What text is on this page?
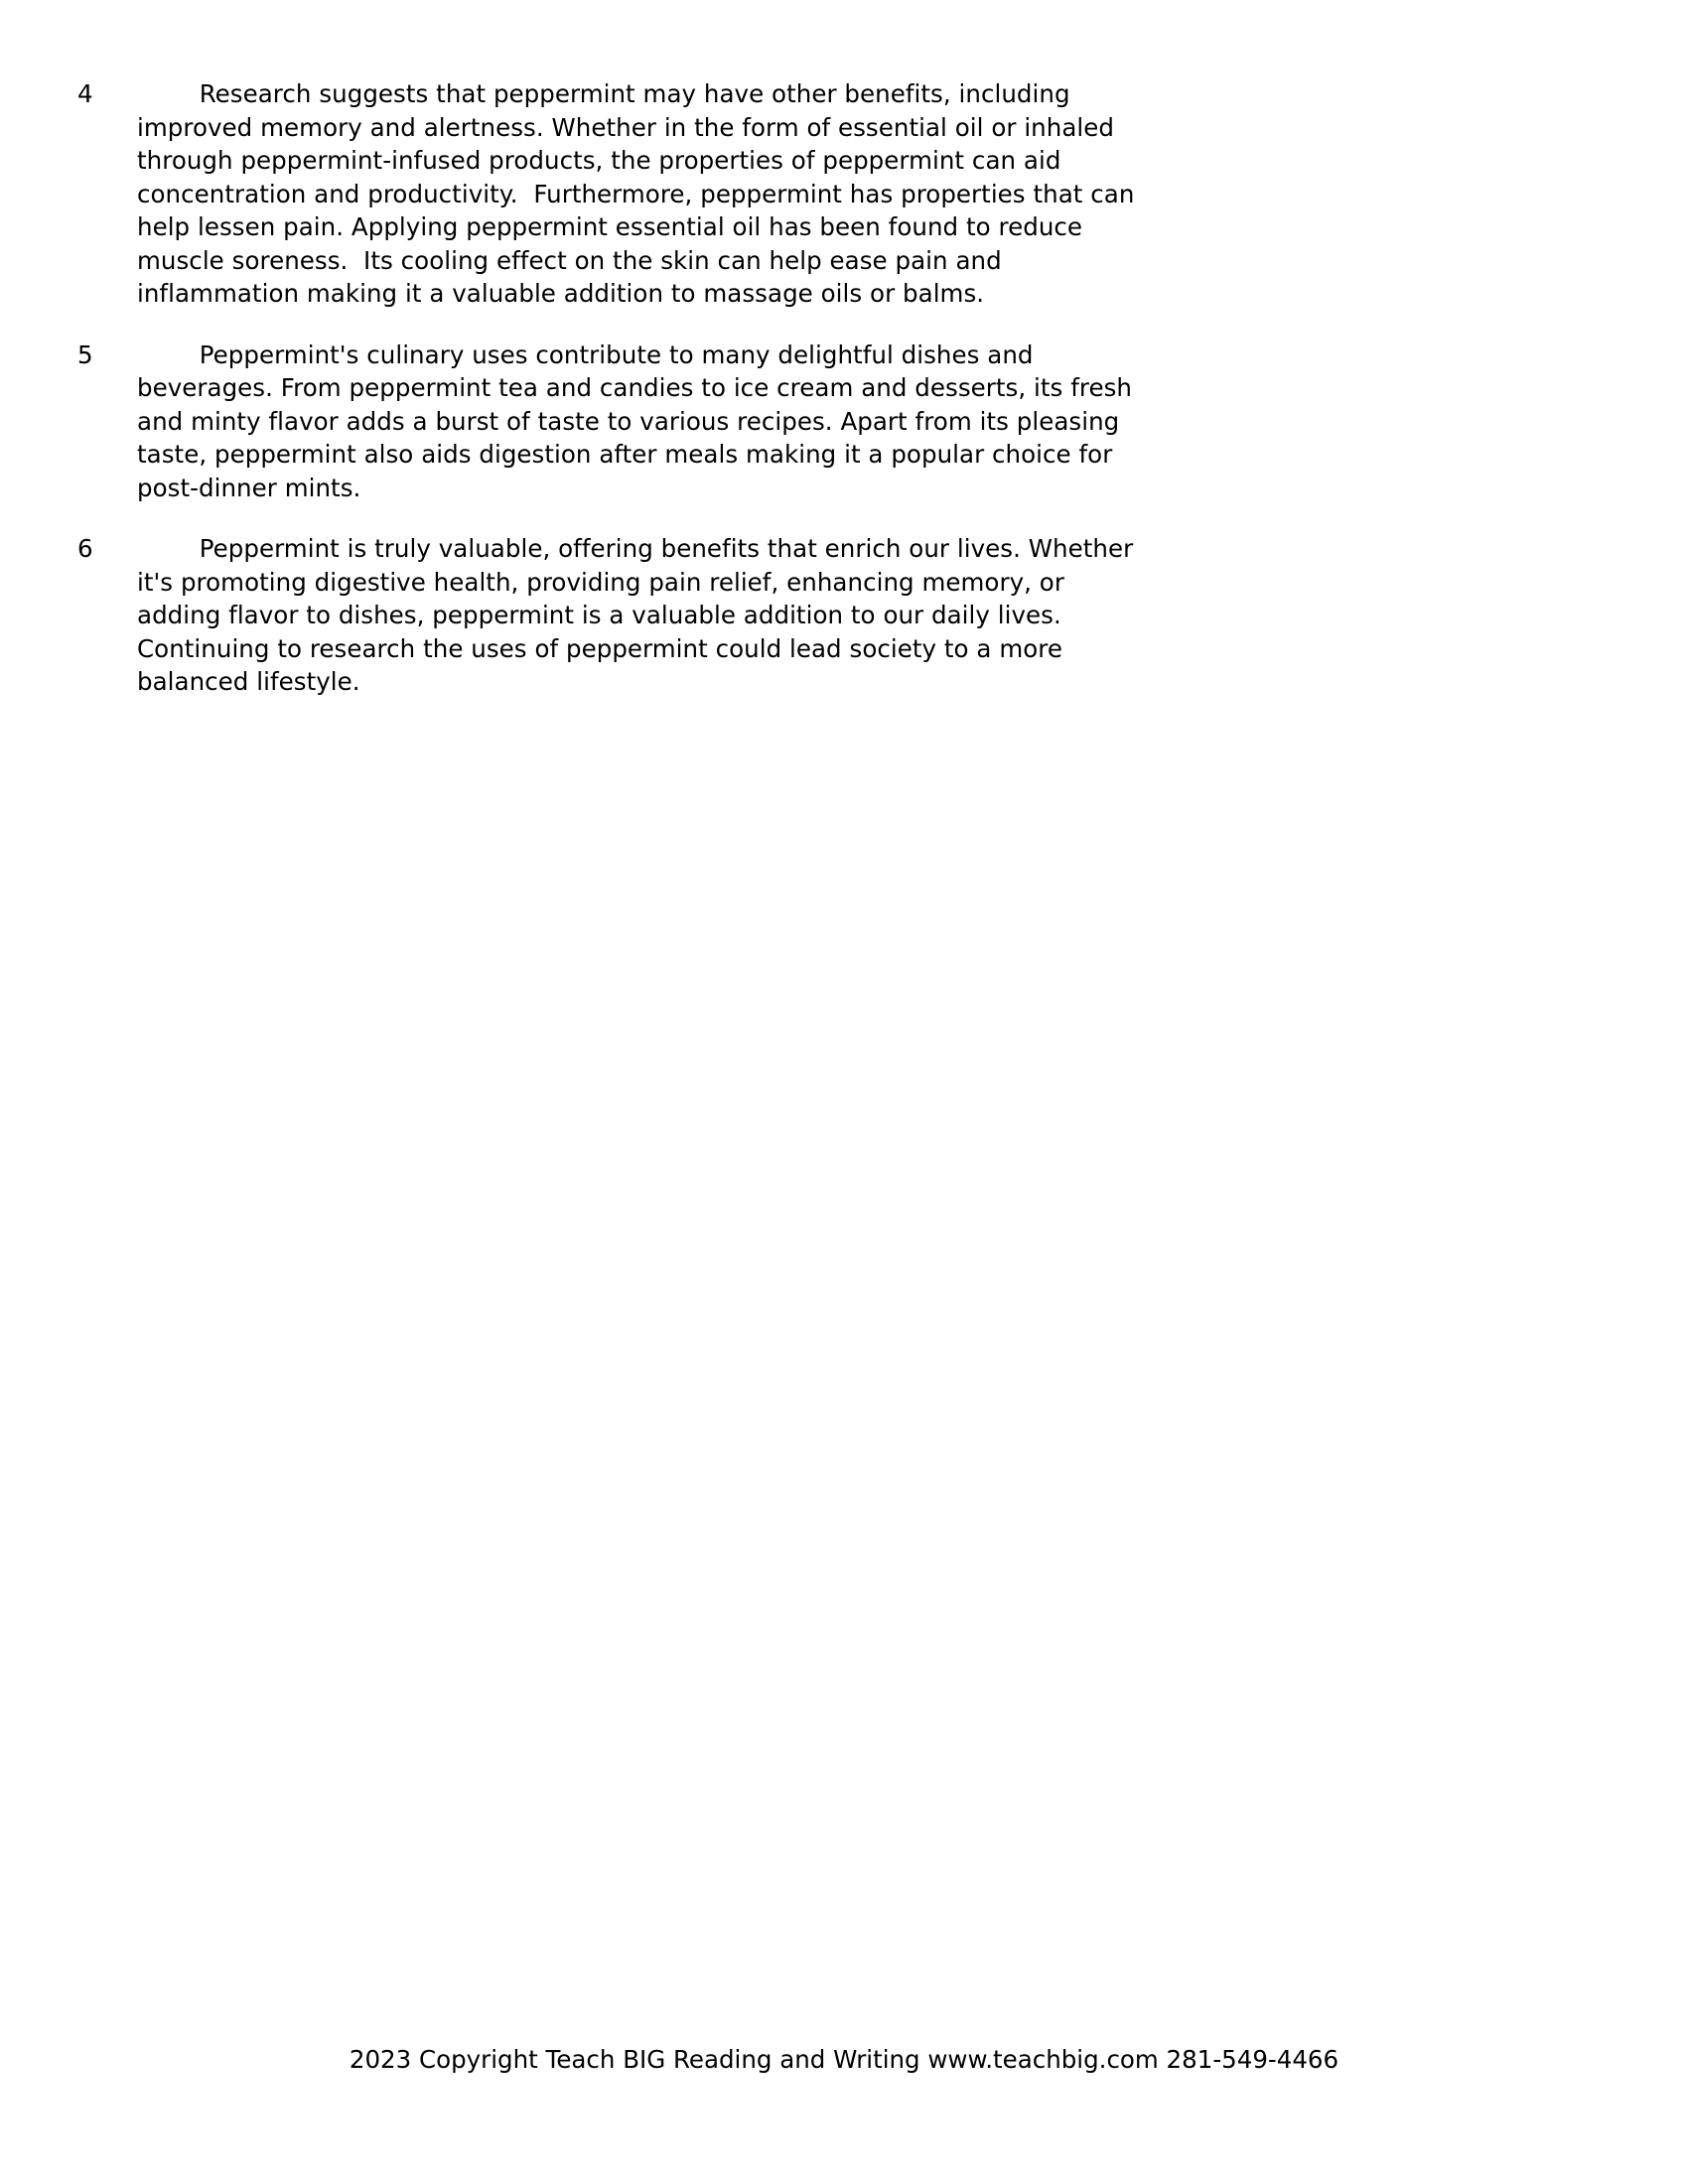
4		Research suggests that peppermint may have other benefits, including improved memory and alertness. Whether in the form of essential oil or inhaled through peppermint-infused products, the properties of peppermint can aid concentration and productivity.  Furthermore, peppermint has properties that can help lessen pain. Applying peppermint essential oil has been found to reduce muscle soreness.  Its cooling effect on the skin can help ease pain and inflammation making it a valuable addition to massage oils or balms.
5		Peppermint's culinary uses contribute to many delightful dishes and beverages. From peppermint tea and candies to ice cream and desserts, its fresh and minty flavor adds a burst of taste to various recipes. Apart from its pleasing taste, peppermint also aids digestion after meals making it a popular choice for post-dinner mints.
6		Peppermint is truly valuable, offering benefits that enrich our lives. Whether it's promoting digestive health, providing pain relief, enhancing memory, or adding flavor to dishes, peppermint is a valuable addition to our daily lives. Continuing to research the uses of peppermint could lead society to a more balanced lifestyle.
2023 Copyright Teach BIG Reading and Writing www.teachbig.com 281-549-4466
